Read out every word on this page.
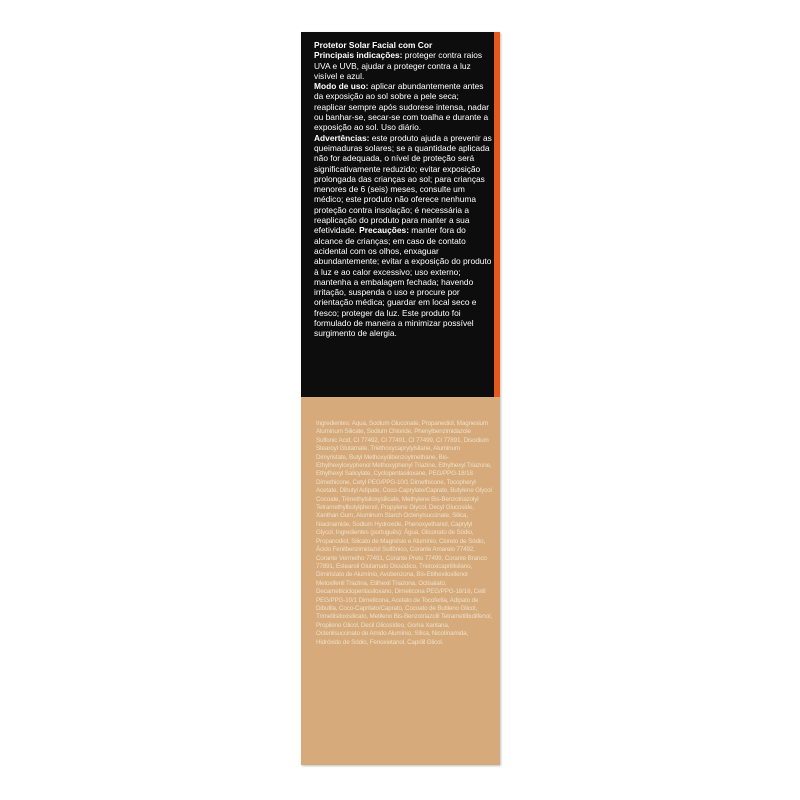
Protetor Solar Facial com Cor
Principais indicações: proteger contra raios UVA e UVB, ajudar a proteger contra a luz visível e azul.
Modo de uso: aplicar abundantemente antes da exposição ao sol sobre a pele seca; reaplicar sempre após sudorese intensa, nadar ou banhar-se, secar-se com toalha e durante a exposição ao sol. Uso diário.
Advertências: este produto ajuda a prevenir as queimaduras solares; se a quantidade aplicada não for adequada, o nível de proteção será significativamente reduzido; evitar exposição prolongada das crianças ao sol; para crianças menores de 6 (seis) meses, consulte um médico; este produto não oferece nenhuma proteção contra insolação; é necessária a reaplicação do produto para manter a sua efetividade. Precauções: manter fora do alcance de crianças; em caso de contato acidental com os olhos, enxaguar abundantemente; evitar a exposição do produto à luz e ao calor excessivo; uso externo; mantenha a embalagem fechada; havendo irritação, suspenda o uso e procure por orientação médica; guardar em local seco e fresco; proteger da luz. Este produto foi formulado de maneira a minimizar possível surgimento de alergia.
Ingredientes: Aqua, Sodium Gluconate, Propanediol, Magnesium Aluminum Silicate, Sodium Chloride, Phenylbenzimidazole Sulfonic Acid, CI 77492, CI 77491, CI 77499, CI 77891, Disodium Stearoyl Glutamate, Triethoxycaprylylsilane, Aluminum Dimyristate, Butyl Methoxydibenzoylmethane, Bis-Ethylhexyloxyphenol Methoxyphenyl Triazine, Ethylhexyl Triazone, Ethylhexyl Salicylate, Cyclopentasiloxane, PEG/PPG-18/18 Dimethicone, Cetyl PEG/PPG-10/1 Dimethicone, Tocopheryl Acetate, Dibutyl Adipate, Coco-Caprylate/Caprate, Butylene Glycol Cocoate, Trimethylsiloxysilicate, Methylene Bis-Benzotriazolyl Tetramethylbutylphenol, Propylene Glycol, Decyl Glucoside, Xanthan Gum, Aluminum Starch Octenylsuccinate, Silica, Niacinamide, Sodium Hydroxide, Phenoxyethanol, Caprylyl Glycol. Ingredientes (português): Água, Gliconato de Sódio, Propanodiol, Silicato de Magnésio e Alumínio, Cloreto de Sódio, Ácido Fenilbenzimidazol Sulfônico, Corante Amarelo 77492, Corante Vermelho 77491, Corante Preto 77499, Corante Branco 77891, Estearoil Glutamato Dissódico, Trietoxicaprililsilano, Dimiristato de Alumínio, Avobenzona, Bis-Etilhexiloxifenol Metoxifenil Triazina, Etilhexil Triazona, Octisalato, Decametilciclopentasiloxano, Dimeticona PEG/PPG-18/18, Cetil PEG/PPG-10/1 Dimeticona, Acetato de Tocoferila, Adipato de Dibutila, Coco-Caprilato/Caprato, Cocoato de Butileno Glicol, Trimetilsiloxisilicato, Metileno Bis-Benzotriazolil Tetrametilbutilfenol, Propileno Glicol, Decil Glicosídeo, Goma Xantana, Octenilsuccinato de Amido Alumínio, Sílica, Nicotinamida, Hidróxido de Sódio, Fenoxietanol, Caprilil Glicol.
